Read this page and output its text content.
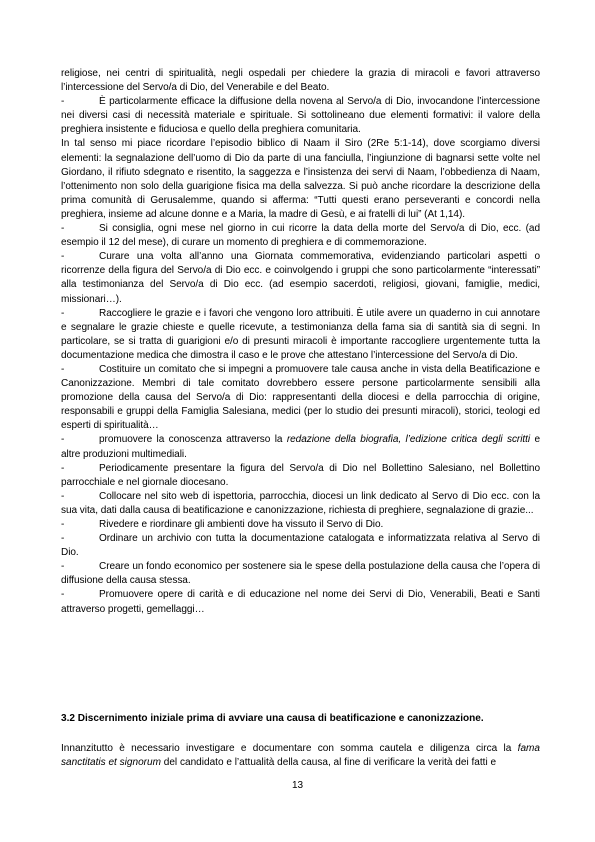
religiose, nei centri di spiritualità, negli ospedali per chiedere la grazia di miracoli e favori attraverso l’intercessione del Servo/a di Dio, del Venerabile e del Beato.

-	È particolarmente efficace la diffusione della novena al Servo/a di Dio, invocandone l’intercessione nei diversi casi di necessità materiale e spirituale. Si sottolineano due elementi formativi: il valore della preghiera insistente e fiduciosa e quello della preghiera comunitaria.

In tal senso mi piace ricordare l’episodio biblico di Naam il Siro (2Re 5:1-14), dove scorgiamo diversi elementi: la segnalazione dell’uomo di Dio da parte di una fanciulla, l’ingiunzione di bagnarsi sette volte nel Giordano, il rifiuto sdegnato e risentito, la saggezza e l’insistenza dei servi di Naam, l’obbedienza di Naam, l’ottenimento non solo della guarigione fisica ma della salvezza. Si può anche ricordare la descrizione della prima comunità di Gerusalemme, quando si afferma: “Tutti questi erano perseveranti e concordi nella preghiera, insieme ad alcune donne e a Maria, la madre di Gesù, e ai fratelli di lui” (At 1,14).

-	Si consiglia, ogni mese nel giorno in cui ricorre la data della morte del Servo/a di Dio, ecc. (ad esempio il 12 del mese), di curare un momento di preghiera e di commemorazione.

-	Curare una volta all’anno una Giornata commemorativa, evidenziando particolari aspetti o ricorrenze della figura del Servo/a di Dio ecc. e coinvolgendo i gruppi che sono particolarmente “interessati” alla testimonianza del Servo/a di Dio ecc. (ad esempio sacerdoti, religiosi, giovani, famiglie, medici, missionari…).

-	Raccogliere le grazie e i favori che vengono loro attribuiti. È utile avere un quaderno in cui annotare e segnalare le grazie chieste e quelle ricevute, a testimonianza della fama sia di santità sia di segni. In particolare, se si tratta di guarigioni e/o di presunti miracoli è importante raccogliere urgentemente tutta la documentazione medica che dimostra il caso e le prove che attestano l’intercessione del Servo/a di Dio.

-	Costituire un comitato che si impegni a promuovere tale causa anche in vista della Beatificazione e Canonizzazione. Membri di tale comitato dovrebbero essere persone particolarmente sensibili alla promozione della causa del Servo/a di Dio: rappresentanti della diocesi e della parrocchia di origine, responsabili e gruppi della Famiglia Salesiana, medici (per lo studio dei presunti miracoli), storici, teologi ed esperti di spiritualità…

-	promuovere la conoscenza attraverso la redazione della biografia, l’edizione critica degli scritti e altre produzioni multimediali.

-	Periodicamente presentare la figura del Servo/a di Dio nel Bollettino Salesiano, nel Bollettino parrocchiale e nel giornale diocesano.

-	Collocare nel sito web di ispettoria, parrocchia, diocesi un link dedicato al Servo di Dio ecc. con la sua vita, dati dalla causa di beatificazione e canonizzazione, richiesta di preghiere, segnalazione di grazie...

-	Rivedere e riordinare gli ambienti dove ha vissuto il Servo di Dio.

-	Ordinare un archivio con tutta la documentazione catalogata e informatizzata relativa al Servo di Dio.

-	Creare un fondo economico per sostenere sia le spese della postulazione della causa che l’opera di diffusione della causa stessa.

-	Promuovere opere di carità e di educazione nel nome dei Servi di Dio, Venerabili, Beati e Santi attraverso progetti, gemellaggi…

3.2 Discernimento iniziale prima di avviare una causa di beatificazione e canonizzazione.
Innanzitutto è necessario investigare e documentare con somma cautela e diligenza circa la fama sanctitatis et signorum del candidato e l’attualità della causa, al fine di verificare la verità dei fatti e
13
